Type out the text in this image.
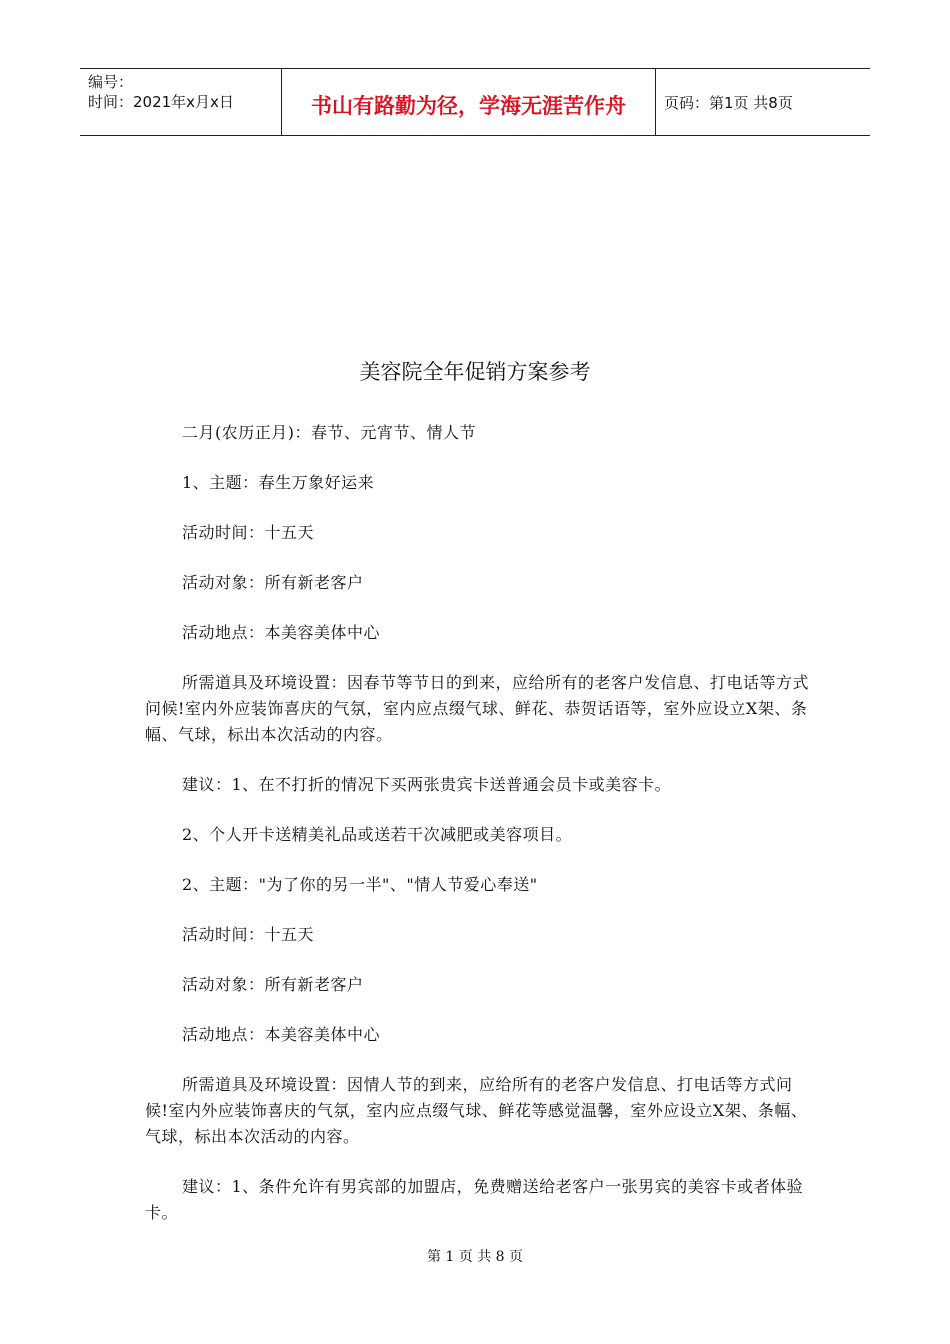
编号：
时间：2021年x月x日	书山有路勤为径，学海无涯苦作舟	页码：第1页 共8页
美容院全年促销方案参考

二月(农历正月)：春节、元宵节、情人节

1、主题：春生万象好运来

活动时间：十五天

活动对象：所有新老客户

活动地点：本美容美体中心

所需道具及环境设置：因春节等节日的到来，应给所有的老客户发信息、打电话等方式问候!室内外应装饰喜庆的气氛，室内应点缀气球、鲜花、恭贺话语等，室外应设立X架、条幅、气球，标出本次活动的内容。

建议：1、在不打折的情况下买两张贵宾卡送普通会员卡或美容卡。

2、个人开卡送精美礼品或送若干次减肥或美容项目。

2、主题："为了你的另一半"、"情人节爱心奉送"

活动时间：十五天

活动对象：所有新老客户

活动地点：本美容美体中心

所需道具及环境设置：因情人节的到来，应给所有的老客户发信息、打电话等方式问候!室内外应装饰喜庆的气氛，室内应点缀气球、鲜花等感觉温馨，室外应设立X架、条幅、气球，标出本次活动的内容。

建议：1、条件允许有男宾部的加盟店，免费赠送给老客户一张男宾的美容卡或者体验卡。

第 1 页 共 8 页
